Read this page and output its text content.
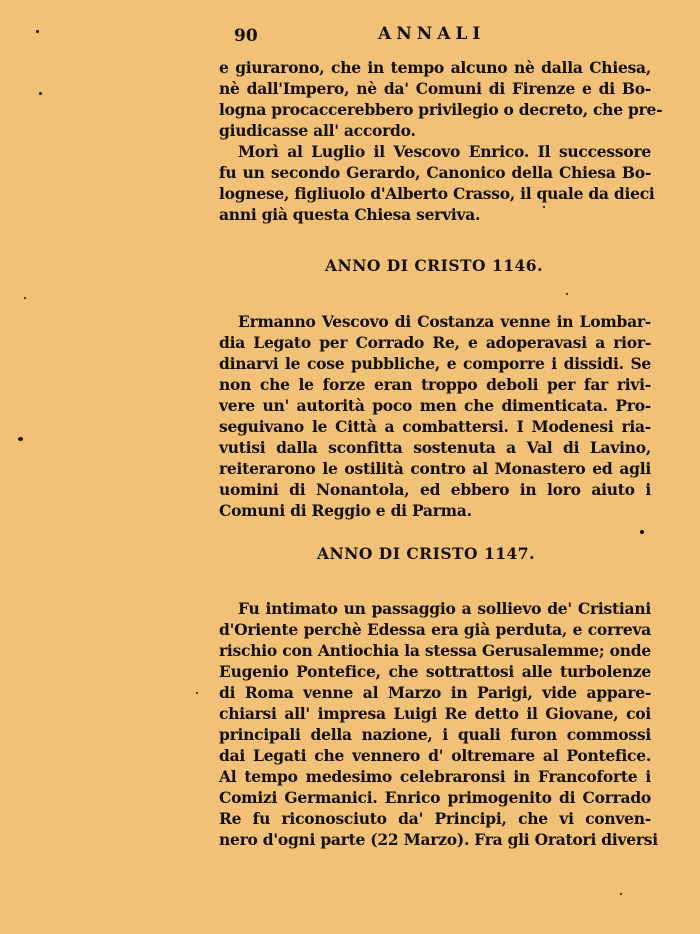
90	ANNALI
e giurarono, che in tempo alcuno nè dalla Chiesa,
nè dall'Impero, nè da' Comuni di Firenze e di Bo-
logna procaccerebbero privilegio o decreto, che pre-
giudicasse all' accordo.
Morì al Luglio il Vescovo Enrico. Il successore
fu un secondo Gerardo, Canonico della Chiesa Bo-
lognese, figliuolo d'Alberto Crasso, il quale da dieci
anni già questa Chiesa serviva.
ANNO DI CRISTO 1146.
Ermanno Vescovo di Costanza venne in Lombar-
dia Legato per Corrado Re, e adoperavasi a rior-
dinarvi le cose pubbliche, e comporre i dissidi. Se
non che le forze eran troppo deboli per far rivi-
vere un' autorità poco men che dimenticata. Pro-
seguivano le Città a combattersi. I Modenesi ria-
vutisi dalla sconfitta sostenuta a Val di Lavino,
reiterarono le ostilità contro al Monastero ed agli
uomini di Nonantola, ed ebbero in loro aiuto i
Comuni di Reggio e di Parma.
ANNO DI CRISTO 1147.
Fu intimato un passaggio a sollievo de' Cristiani
d'Oriente perchè Edessa era già perduta, e correva
rischio con Antiochia la stessa Gerusalemme; onde
Eugenio Pontefice, che sottrattosi alle turbolenze
di Roma venne al Marzo in Parigi, vide appare-
chiarsi all' impresa Luigi Re detto il Giovane, coi
principali della nazione, i quali furon commossi
dai Legati che vennero d' oltremare al Pontefice.
Al tempo medesimo celebraronsi in Francoforte i
Comizi Germanici. Enrico primogenito di Corrado
Re fu riconosciuto da' Principi, che vi conven-
nero d'ogni parte (22 Marzo). Fra gli Oratori diversi
